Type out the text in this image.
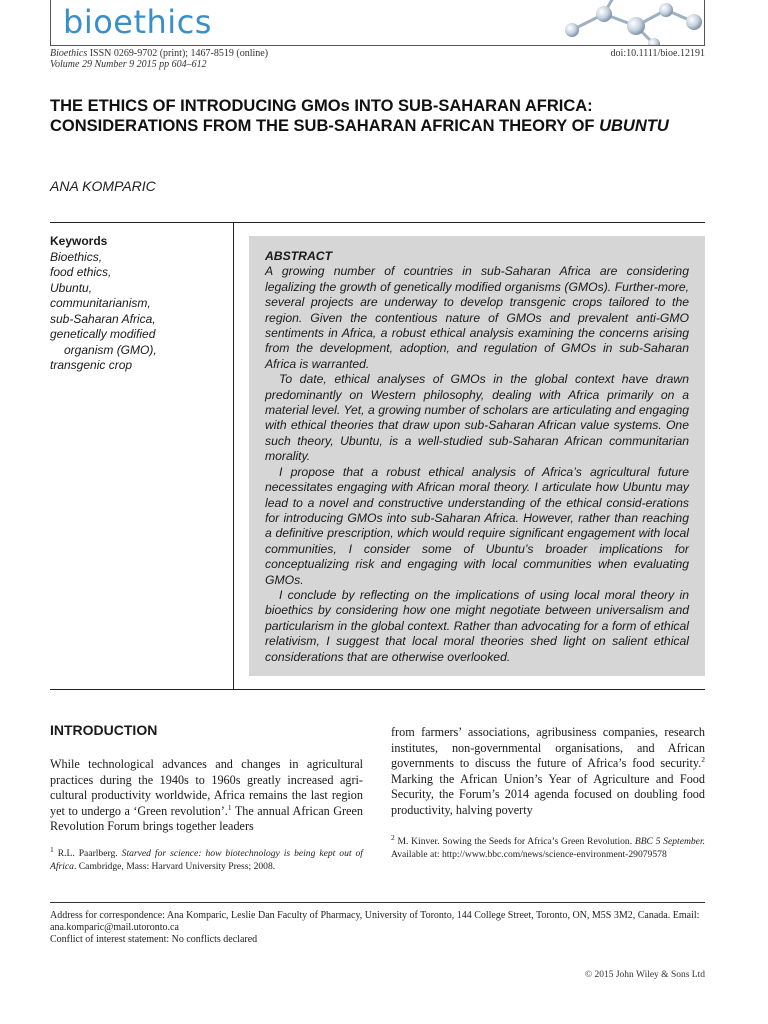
bioethics
Bioethics ISSN 0269-9702 (print); 1467-8519 (online)
Volume 29 Number 9 2015 pp 604–612
doi:10.1111/bioe.12191
THE ETHICS OF INTRODUCING GMOs INTO SUB-SAHARAN AFRICA: CONSIDERATIONS FROM THE SUB-SAHARAN AFRICAN THEORY OF UBUNTU
ANA KOMPARIC
Keywords
Bioethics,
food ethics,
Ubuntu,
communitarianism,
sub-Saharan Africa,
genetically modified
organism (GMO),
transgenic crop
ABSTRACT

A growing number of countries in sub-Saharan Africa are considering legalizing the growth of genetically modified organisms (GMOs). Further-more, several projects are underway to develop transgenic crops tailored to the region. Given the contentious nature of GMOs and prevalent anti-GMO sentiments in Africa, a robust ethical analysis examining the concerns arising from the development, adoption, and regulation of GMOs in sub-Saharan Africa is warranted.

To date, ethical analyses of GMOs in the global context have drawn predominantly on Western philosophy, dealing with Africa primarily on a material level. Yet, a growing number of scholars are articulating and engaging with ethical theories that draw upon sub-Saharan African value systems. One such theory, Ubuntu, is a well-studied sub-Saharan African communitarian morality.

I propose that a robust ethical analysis of Africa’s agricultural future necessitates engaging with African moral theory. I articulate how Ubuntu may lead to a novel and constructive understanding of the ethical consid-erations for introducing GMOs into sub-Saharan Africa. However, rather than reaching a definitive prescription, which would require significant engagement with local communities, I consider some of Ubuntu’s broader implications for conceptualizing risk and engaging with local communities when evaluating GMOs.

I conclude by reflecting on the implications of using local moral theory in bioethics by considering how one might negotiate between universalism and particularism in the global context. Rather than advocating for a form of ethical relativism, I suggest that local moral theories shed light on salient ethical considerations that are otherwise overlooked.

INTRODUCTION

While technological advances and changes in agricultural practices during the 1940s to 1960s greatly increased agri-cultural productivity worldwide, Africa remains the last region yet to undergo a ‘Green revolution’.$^1$ The annual African Green Revolution Forum brings together leaders

from farmers’ associations, agribusiness companies, research institutes, non-governmental organisations, and African governments to discuss the future of Africa’s food security.$^2$ Marking the African Union’s Year of Agriculture and Food Security, the Forum’s 2014 agenda focused on doubling food productivity, halving poverty

$^1$ R.L. Paarlberg. Starved for science: how biotechnology is being kept out of Africa. Cambridge, Mass: Harvard University Press; 2008.

$^2$ M. Kinver. Sowing the Seeds for Africa’s Green Revolution. BBC 5 September. Available at: http://www.bbc.com/news/science-environment-29079578

Address for correspondence: Ana Komparic, Leslie Dan Faculty of Pharmacy, University of Toronto, 144 College Street, Toronto, ON, M5S 3M2, Canada. Email: ana.komparic@mail.utoronto.ca
Conflict of interest statement: No conflicts declared
© 2015 John Wiley & Sons Ltd
